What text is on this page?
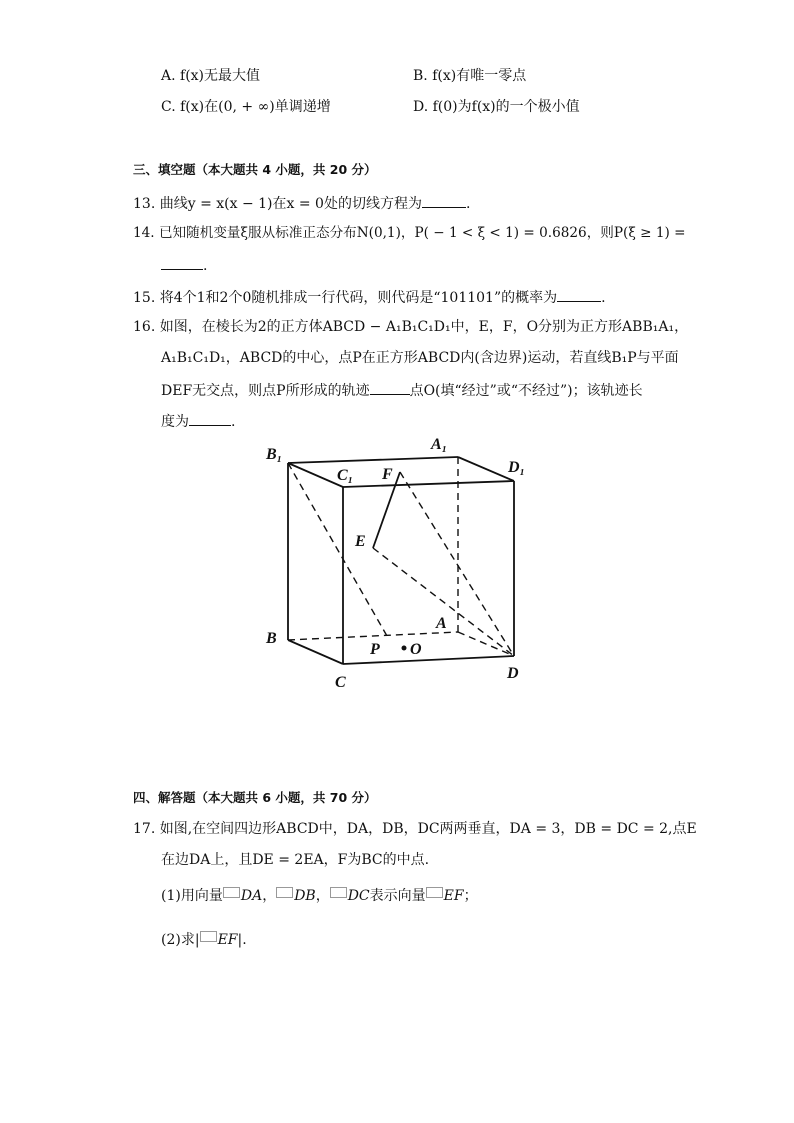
A. f(x)无最大值	B. f(x)有唯一零点
C. f(x)在(0, + ∞)单调递增	D. f(0)为f(x)的一个极小值
三、填空题（本大题共 4 小题，共 20 分）
13. 曲线y = x(x − 1)在x = 0处的切线方程为	.
14. 已知随机变量ξ服从标准正态分布N(0,1)，P( − 1 < ξ < 1) = 0.6826，则P(ξ ≥ 1) =
.
15. 将4个1和2个0随机排成一行代码，则代码是“101101”的概率为	.
16. 如图，在棱长为2的正方体ABCD − A₁B₁C₁D₁中，E，F，O分别为正方形ABB₁A₁，
A₁B₁C₁D₁，ABCD的中心，点P在正方形ABCD内(含边界)运动，若直线B₁P与平面
DEF无交点，则点P所形成的轨迹	点O(填“经过”或“不经过”)；该轨迹长
度为	.
B₁
A₁
C₁ F	D₁
E
A
B
P O
C
D
四、解答题（本大题共 6 小题，共 70 分）
17. 如图,在空间四边形ABCD中，DA，DB，DC两两垂直，DA = 3，DB = DC = 2,点E
在边DA上，且DE = 2EA，F为BC的中点.
(1)用向量 DA， DB， DC表示向量 EF；
(2)求| EF|.
